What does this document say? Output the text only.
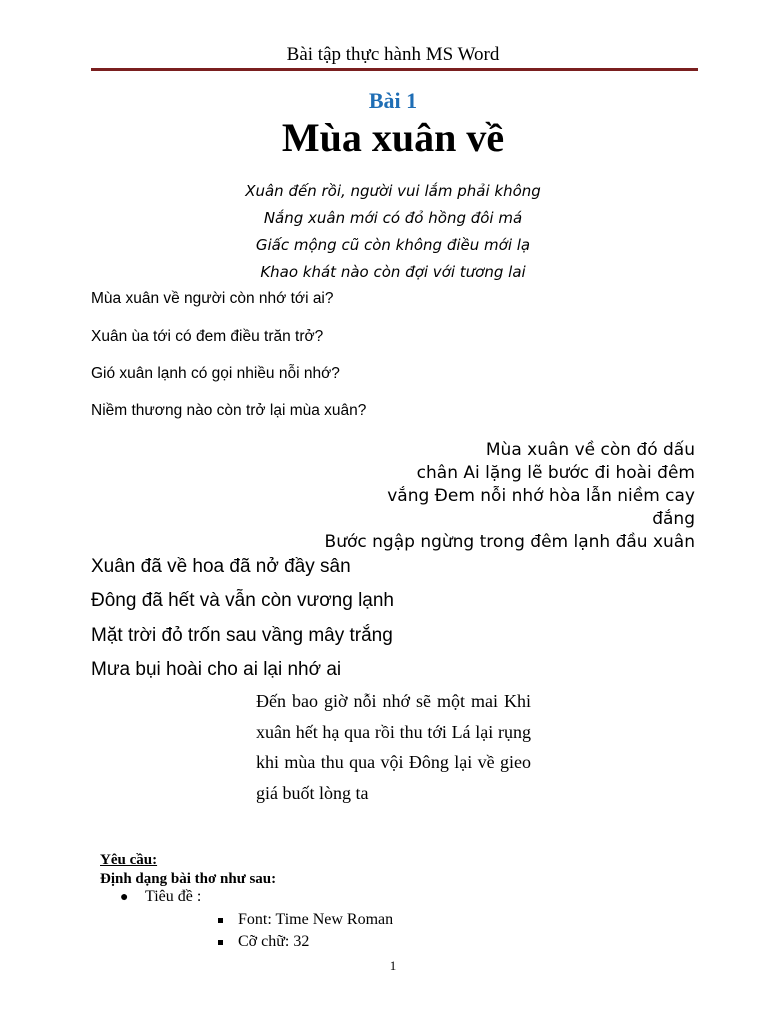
Bài tập thực hành MS Word
Bài 1
Mùa xuân về
Xuân đến rồi, người vui lắm phải không
Nắng xuân mới có đỏ hồng đôi má
Giấc mộng cũ còn không điều mới lạ
Khao khát nào còn đợi với tương lai
Mùa xuân về người còn nhớ tới ai?
Xuân ùa tới có đem điều trăn trở?
Gió xuân lạnh có gọi nhiều nỗi nhớ?
Niềm thương nào còn trở lại mùa xuân?
Mùa xuân về còn đó dấu
chân Ai lặng lẽ bước đi hoài đêm
vắng Đem nỗi nhớ hòa lẫn niềm cay
đắng
Bước ngập ngừng trong đêm lạnh đầu xuân
Xuân đã về hoa đã nở đầy sân
Đông đã hết và vẫn còn vương lạnh
Mặt trời đỏ trốn sau vầng mây trắng
Mưa bụi hoài cho ai lại nhớ ai
Đến bao giờ nỗi nhớ sẽ một mai Khi xuân hết hạ qua rồi thu tới Lá lại rụng khi mùa thu qua vội Đông lại về gieo giá buốt lòng ta
Yêu cầu:
Định dạng bài thơ như sau:
● Tiêu đề :
Font: Time New Roman
Cỡ chữ: 32
1
